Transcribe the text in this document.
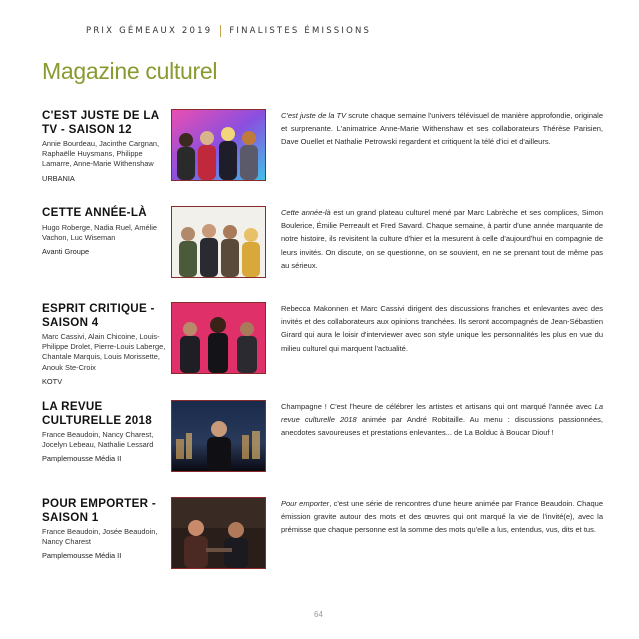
PRIX GÉMEAUX 2019 FINALISTES ÉMISSIONS
Magazine culturel

C'EST JUSTE DE LA TV - SAISON 12

Annie Bourdeau, Jacinthe Cargnan, Raphaëlle Huysmans, Philippe Lamarre, Anne-Marie Withenshaw
URBANIA
C'est juste de la TV scrute chaque semaine l'univers télévisuel de manière approfondie, originale et surprenante. L'animatrice Anne-Marie Withenshaw et ses collaborateurs Thérèse Parisien, Dave Ouellet et Nathalie Petrowski regardent et critiquent la télé d'ici et d'ailleurs.

CETTE ANNÉE-LÀ

Hugo Roberge, Nadia Ruel, Amélie Vachon, Luc Wiseman
Avanti Groupe
Cette année-là est un grand plateau culturel mené par Marc Labrèche et ses complices, Simon Boulerice, Émilie Perreault et Fred Savard. Chaque semaine, à partir d'une année marquante de notre histoire, ils revisitent la culture d'hier et la mesurent à celle d'aujourd'hui en compagnie de leurs invités. On discute, on se questionne, on se souvient, en ne se prenant tout de même pas au sérieux.

ESPRIT CRITIQUE - SAISON 4

Marc Cassivi, Alain Chicoine, Louis-Philippe Drolet, Pierre-Louis Laberge, Chantale Marquis, Louis Morissette, Anouk Ste-Croix
KOTV
Rebecca Makonnen et Marc Cassivi dirigent des discussions franches et enlevantes avec des invités et des collaborateurs aux opinions tranchées. Ils seront accompagnés de Jean-Sébastien Girard qui aura le loisir d'interviewer avec son style unique les personnalités les plus en vue du milieu culturel qui marquent l'actualité.

LA REVUE CULTURELLE 2018

France Beaudoin, Nancy Charest, Jocelyn Lebeau, Nathalie Lessard
Pamplemousse Média II
Champagne ! C'est l'heure de célébrer les artistes et artisans qui ont marqué l'année avec La revue culturelle 2018 animée par André Robitaille. Au menu : discussions passionnées, anecdotes savoureuses et prestations enlevantes... de La Bolduc à Boucar Diouf !

POUR EMPORTER - SAISON 1

France Beaudoin, Josée Beaudoin, Nancy Charest
Pamplemousse Média II
Pour emporter, c'est une série de rencontres d'une heure animée par France Beaudoin. Chaque émission gravite autour des mots et des œuvres qui ont marqué la vie de l'invité(e), avec la prémisse que chaque personne est la somme des mots qu'elle a lus, entendus, vus, dits et tus.
64
